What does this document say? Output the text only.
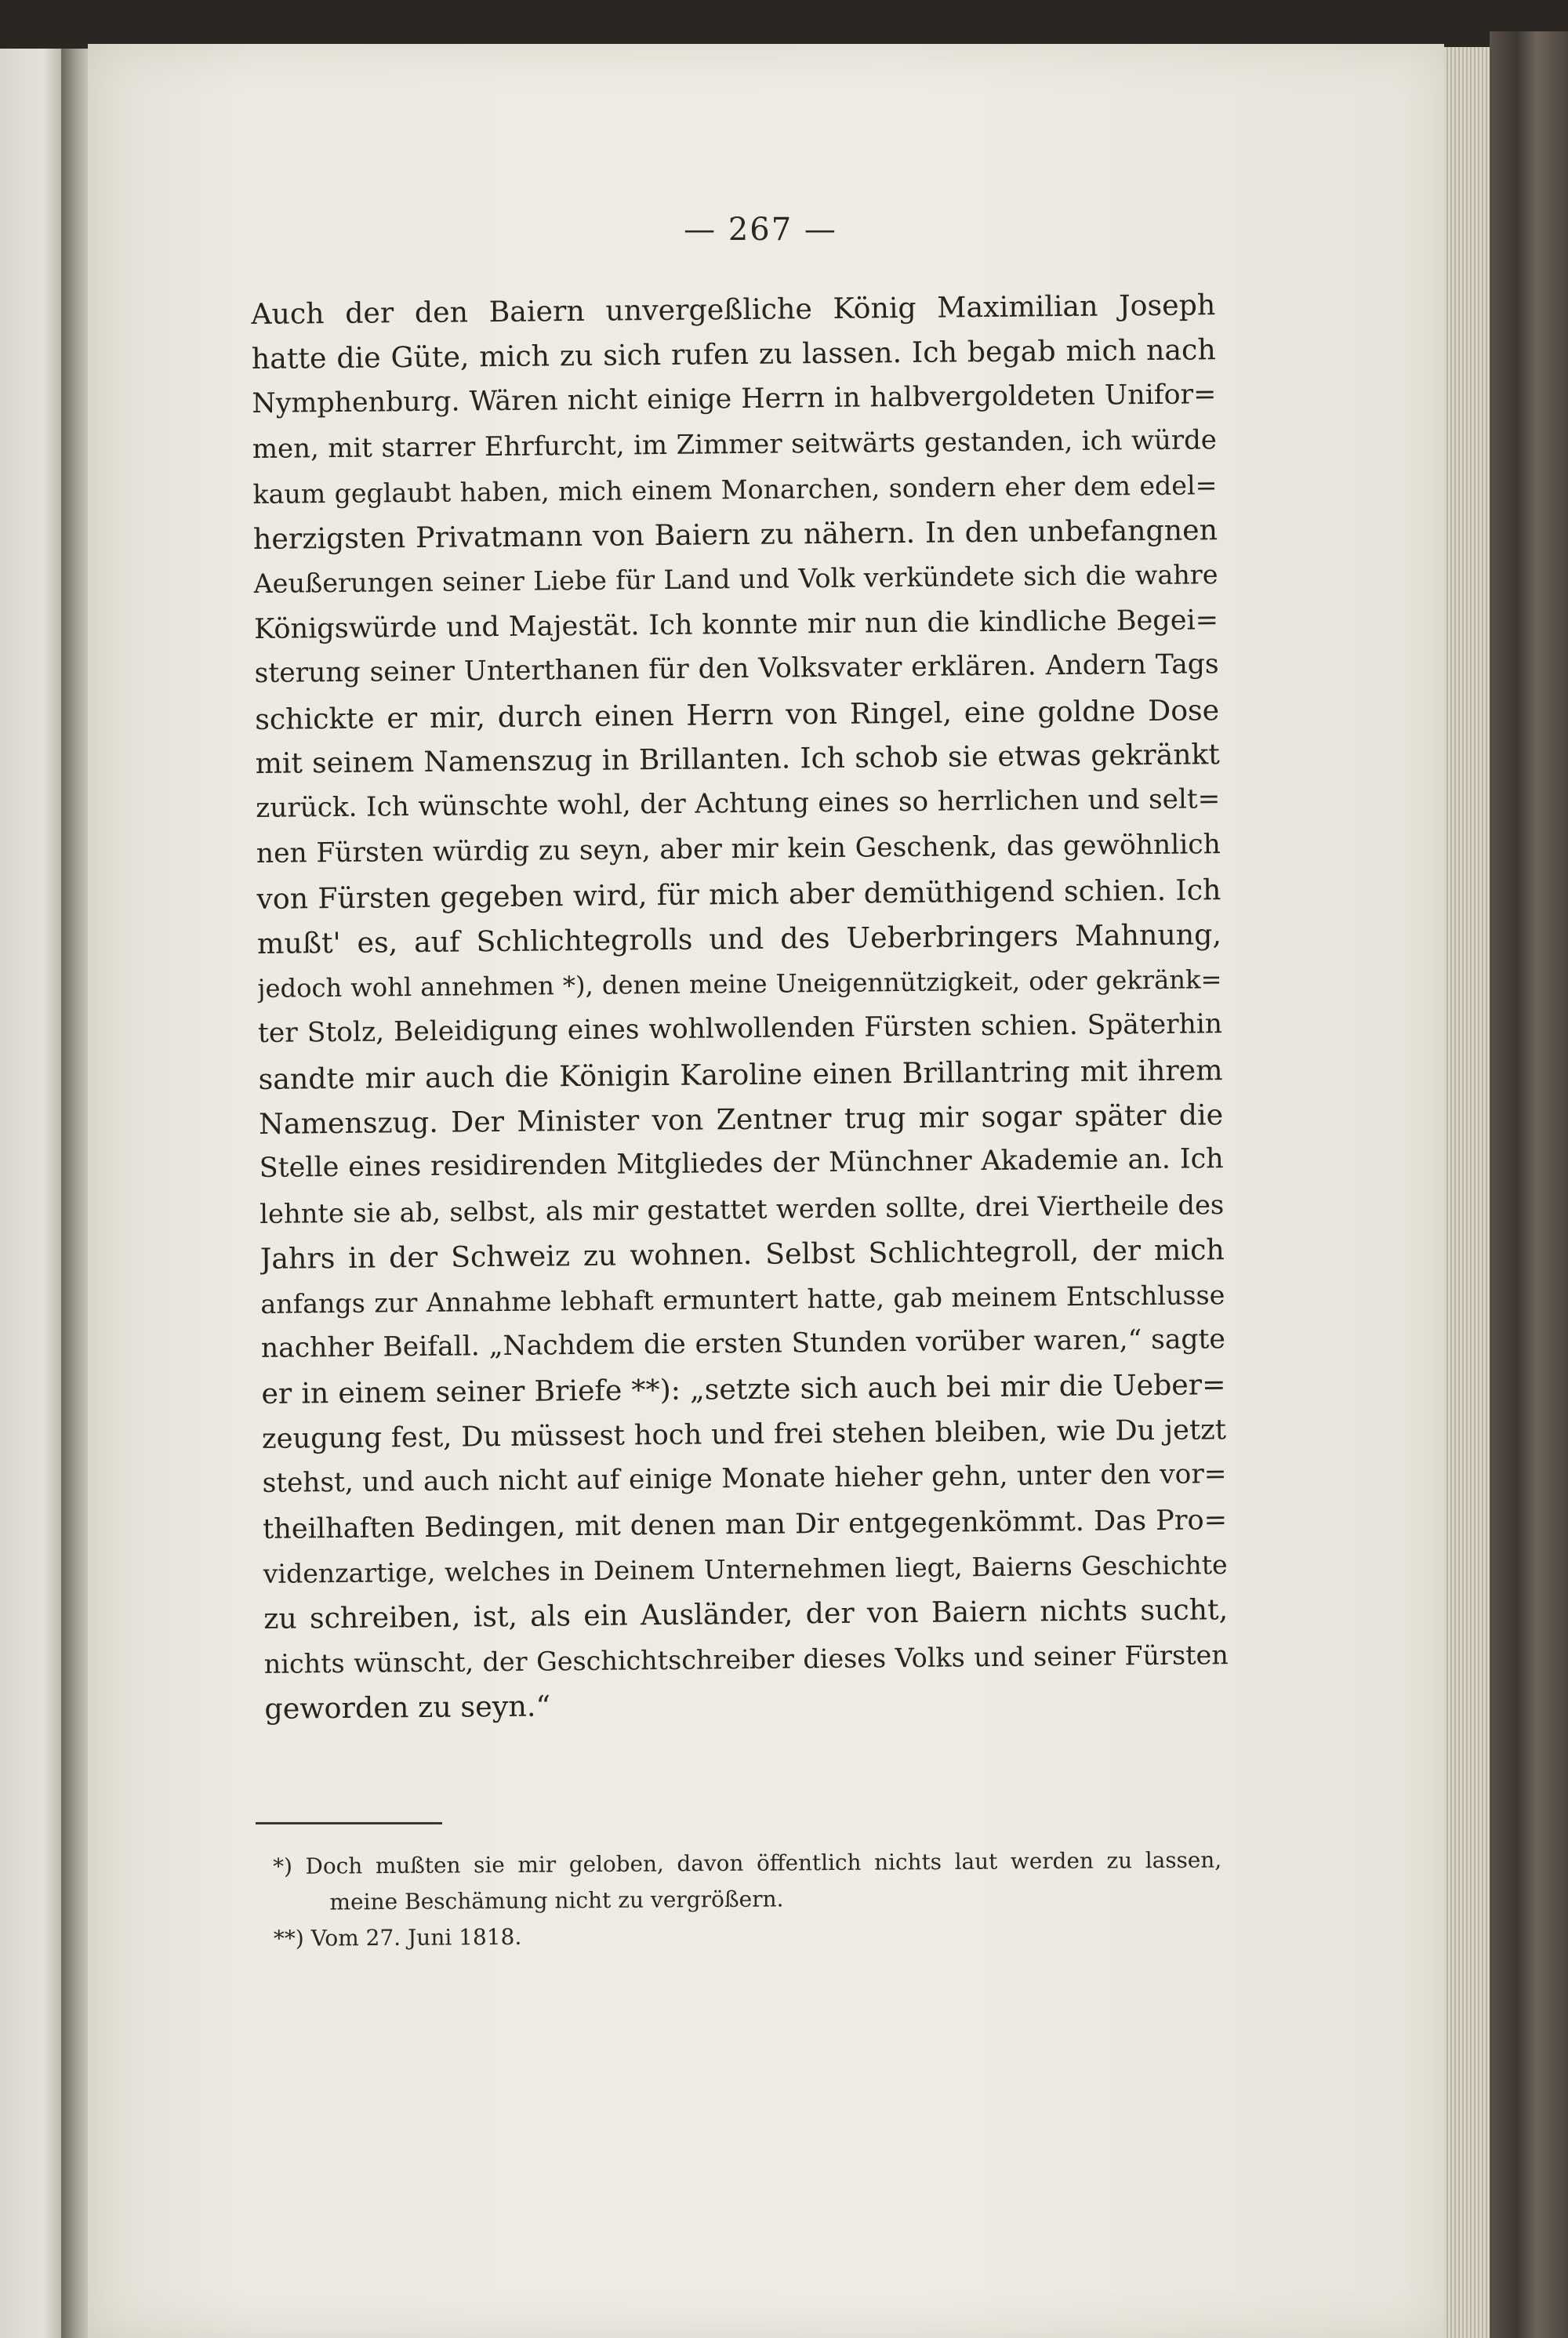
— 267 —
Auch der den Baiern unvergeßliche König Maximilian Joseph
hatte die Güte, mich zu sich rufen zu lassen. Ich begab mich nach
Nymphenburg. Wären nicht einige Herrn in halbvergoldeten Unifor=
men, mit starrer Ehrfurcht, im Zimmer seitwärts gestanden, ich würde
kaum geglaubt haben, mich einem Monarchen, sondern eher dem edel=
herzigsten Privatmann von Baiern zu nähern. In den unbefangnen
Aeußerungen seiner Liebe für Land und Volk verkündete sich die wahre
Königswürde und Majestät. Ich konnte mir nun die kindliche Begei=
sterung seiner Unterthanen für den Volksvater erklären. Andern Tags
schickte er mir, durch einen Herrn von Ringel, eine goldne Dose
mit seinem Namenszug in Brillanten. Ich schob sie etwas gekränkt
zurück. Ich wünschte wohl, der Achtung eines so herrlichen und selt=
nen Fürsten würdig zu seyn, aber mir kein Geschenk, das gewöhnlich
von Fürsten gegeben wird, für mich aber demüthigend schien. Ich
mußt' es, auf Schlichtegrolls und des Ueberbringers Mahnung,
jedoch wohl annehmen *), denen meine Uneigennützigkeit, oder gekränk=
ter Stolz, Beleidigung eines wohlwollenden Fürsten schien. Späterhin
sandte mir auch die Königin Karoline einen Brillantring mit ihrem
Namenszug. Der Minister von Zentner trug mir sogar später die
Stelle eines residirenden Mitgliedes der Münchner Akademie an. Ich
lehnte sie ab, selbst, als mir gestattet werden sollte, drei Viertheile des
Jahrs in der Schweiz zu wohnen. Selbst Schlichtegroll, der mich
anfangs zur Annahme lebhaft ermuntert hatte, gab meinem Entschlusse
nachher Beifall. „Nachdem die ersten Stunden vorüber waren,“ sagte
er in einem seiner Briefe **): „setzte sich auch bei mir die Ueber=
zeugung fest, Du müssest hoch und frei stehen bleiben, wie Du jetzt
stehst, und auch nicht auf einige Monate hieher gehn, unter den vor=
theilhaften Bedingen, mit denen man Dir entgegenkömmt. Das Pro=
videnzartige, welches in Deinem Unternehmen liegt, Baierns Geschichte
zu schreiben, ist, als ein Ausländer, der von Baiern nichts sucht,
nichts wünscht, der Geschichtschreiber dieses Volks und seiner Fürsten
geworden zu seyn.“
*) Doch mußten sie mir geloben, davon öffentlich nichts laut werden zu lassen,
meine Beschämung nicht zu vergrößern.
**) Vom 27. Juni 1818.
